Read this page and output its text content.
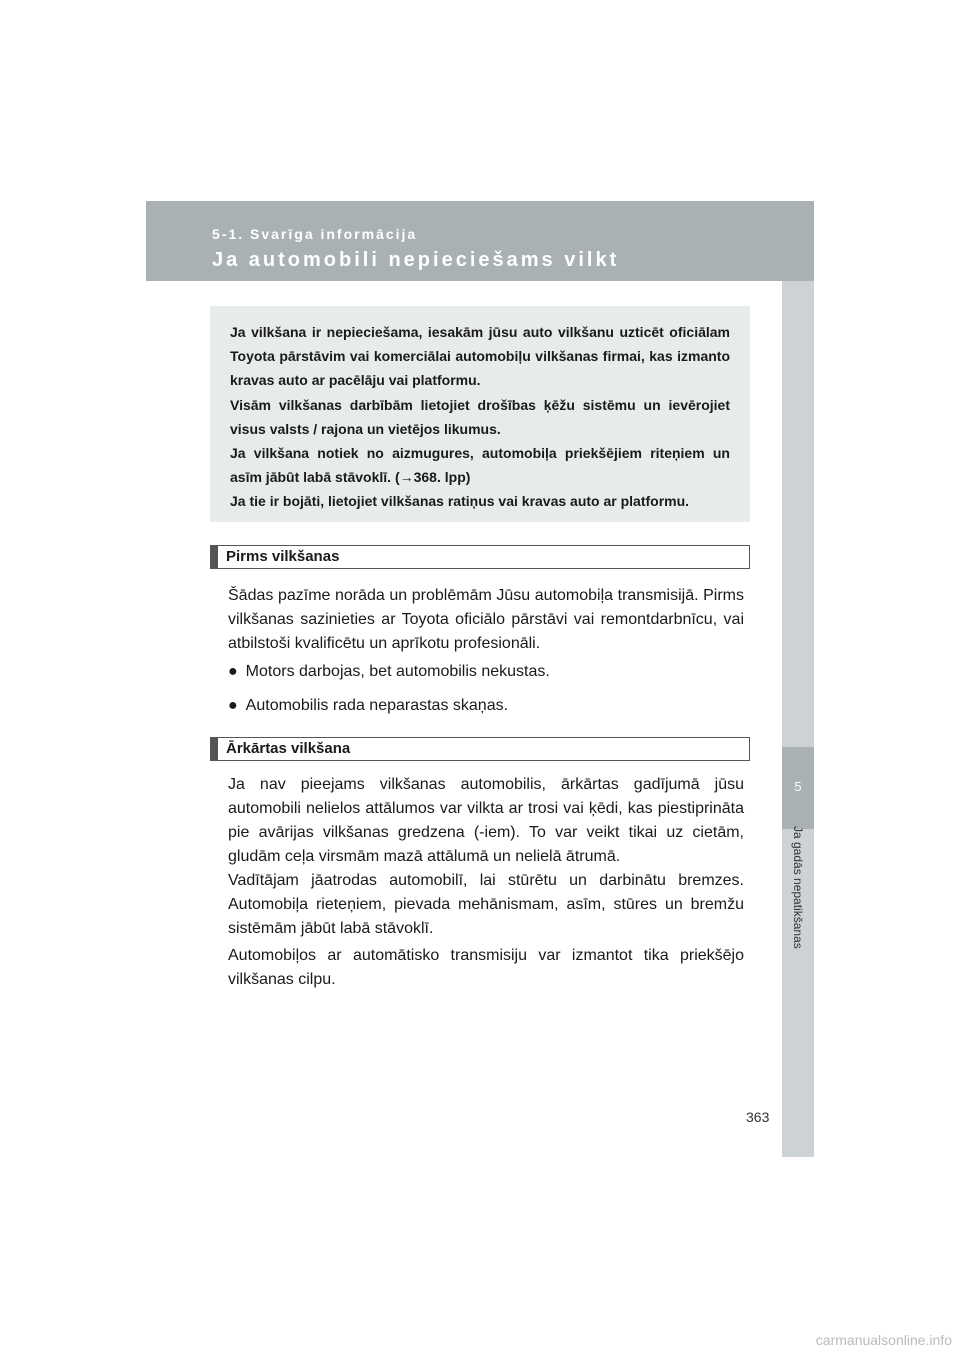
5-1. Svarīga informācija
Ja automobili nepieciešams vilkt
5
Ja gadās nepatikšanas

Ja vilkšana ir nepieciešama, iesakām jūsu auto vilkšanu uzticēt oficiālam Toyota pārstāvim vai komerciālai automobiļu vilkšanas firmai, kas izmanto kravas auto ar pacēlāju vai platformu.

Visām vilkšanas darbībām lietojiet drošības ķēžu sistēmu un ievērojiet visus valsts / rajona un vietējos likumus.

Ja vilkšana notiek no aizmugures, automobiļa priekšējiem riteņiem un asīm jābūt labā stāvoklī. (→368. lpp)

Ja tie ir bojāti, lietojiet vilkšanas ratiņus vai kravas auto ar platformu.

Pirms vilkšanas

Šādas pazīme norāda un problēmām Jūsu automobiļa transmisijā. Pirms vilkšanas sazinieties ar Toyota oficiālo pārstāvi vai remontdarbnīcu, vai atbilstoši kvalificētu un aprīkotu profesionāli.

● Motors darbojas, bet automobilis nekustas.
● Automobilis rada neparastas skaņas.
Ārkārtas vilkšana

Ja nav pieejams vilkšanas automobilis, ārkārtas gadījumā jūsu automobili nelielos attālumos var vilkta ar trosi vai ķēdi, kas piestiprināta pie avārijas vilkšanas gredzena (-iem). To var veikt tikai uz cietām, gludām ceļa virsmām mazā attālumā un nelielā ātrumā.

Vadītājam jāatrodas automobilī, lai stūrētu un darbinātu bremzes. Automobiļa rieteņiem, pievada mehānismam, asīm, stūres un bremžu sistēmām jābūt labā stāvoklī.

Automobiļos ar automātisko transmisiju var izmantot tika priekšējo vilkšanas cilpu.

363
carmanualsonline.info
